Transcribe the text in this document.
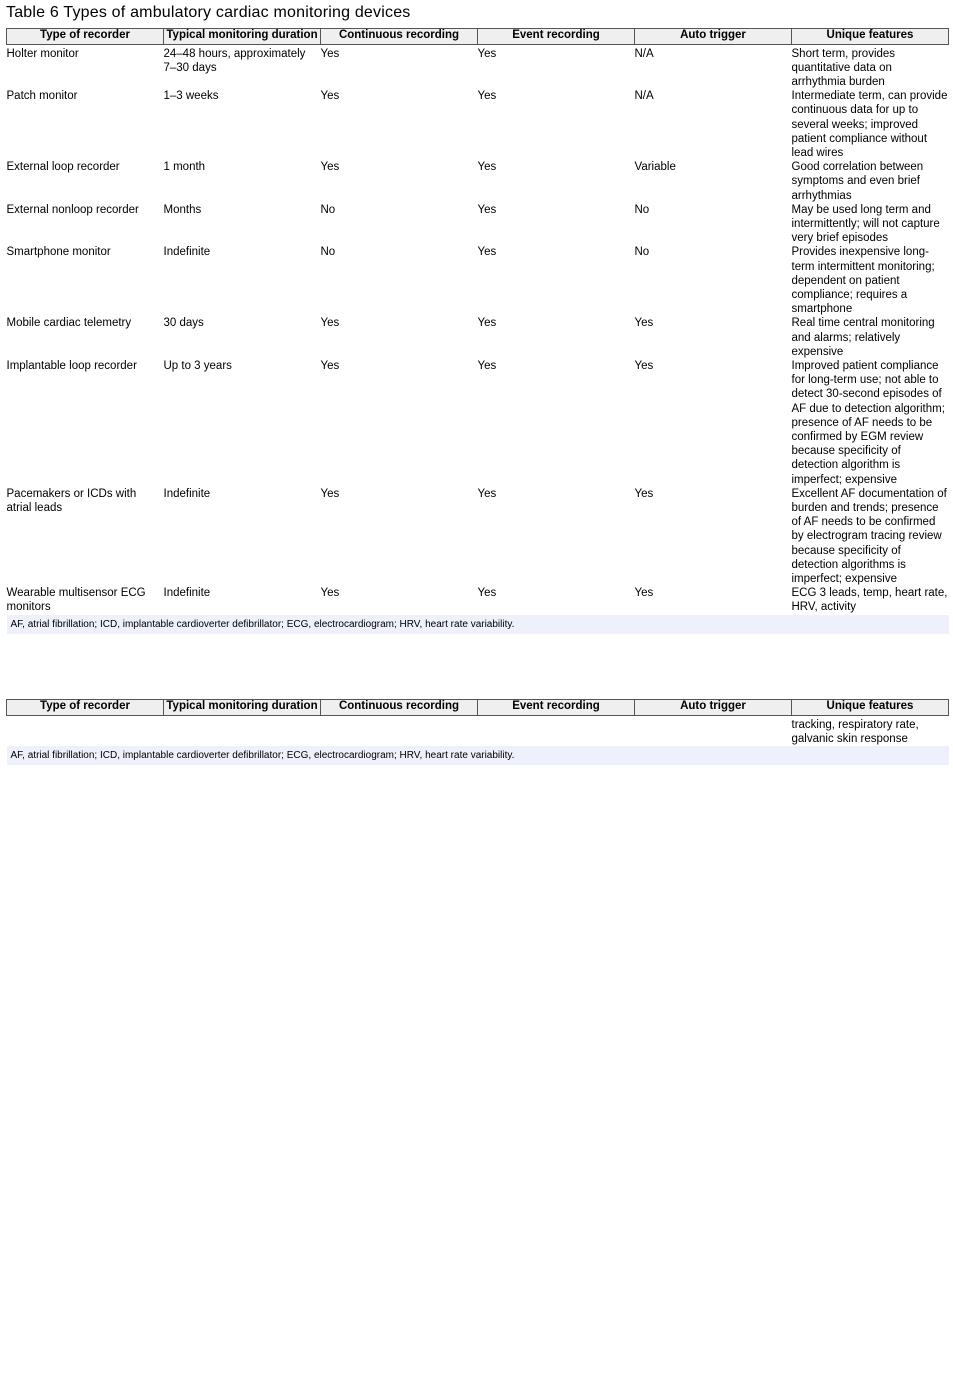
Table 6 Types of ambulatory cardiac monitoring devices
Type of recorder	Typical monitoring duration	Continuous recording	Event recording	Auto trigger	Unique features

Holter monitor	24–48 hours, approximately 7–30 days	Yes	Yes	N/A	Short term, provides quantitative data on arrhythmia burden
Patch monitor	1–3 weeks	Yes	Yes	N/A	Intermediate term, can provide continuous data for up to several weeks; improved patient compliance without lead wires
External loop recorder	1 month	Yes	Yes	Variable	Good correlation between symptoms and even brief arrhythmias
External nonloop recorder	Months	No	Yes	No	May be used long term and intermittently; will not capture very brief episodes
Smartphone monitor	Indefinite	No	Yes	No	Provides inexpensive long-term intermittent monitoring; dependent on patient compliance; requires a smartphone
Mobile cardiac telemetry	30 days	Yes	Yes	Yes	Real time central monitoring and alarms; relatively expensive
Implantable loop recorder	Up to 3 years	Yes	Yes	Yes	Improved patient compliance for long-term use; not able to detect 30-second episodes of AF due to detection algorithm; presence of AF needs to be confirmed by EGM review because specificity of detection algorithm is imperfect; expensive
Pacemakers or ICDs with atrial leads	Indefinite	Yes	Yes	Yes	Excellent AF documentation of burden and trends; presence of AF needs to be confirmed by electrogram tracing review because specificity of detection algorithms is imperfect; expensive
Wearable multisensor ECG monitors	Indefinite	Yes	Yes	Yes	ECG 3 leads, temp, heart rate, HRV, activity
AF, atrial fibrillation; ICD, implantable cardioverter defibrillator; ECG, electrocardiogram; HRV, heart rate variability.					
Type of recorder	Typical monitoring duration	Continuous recording	Event recording	Auto trigger	Unique features

					tracking, respiratory rate, galvanic skin response
AF, atrial fibrillation; ICD, implantable cardioverter defibrillator; ECG, electrocardiogram; HRV, heart rate variability.					
